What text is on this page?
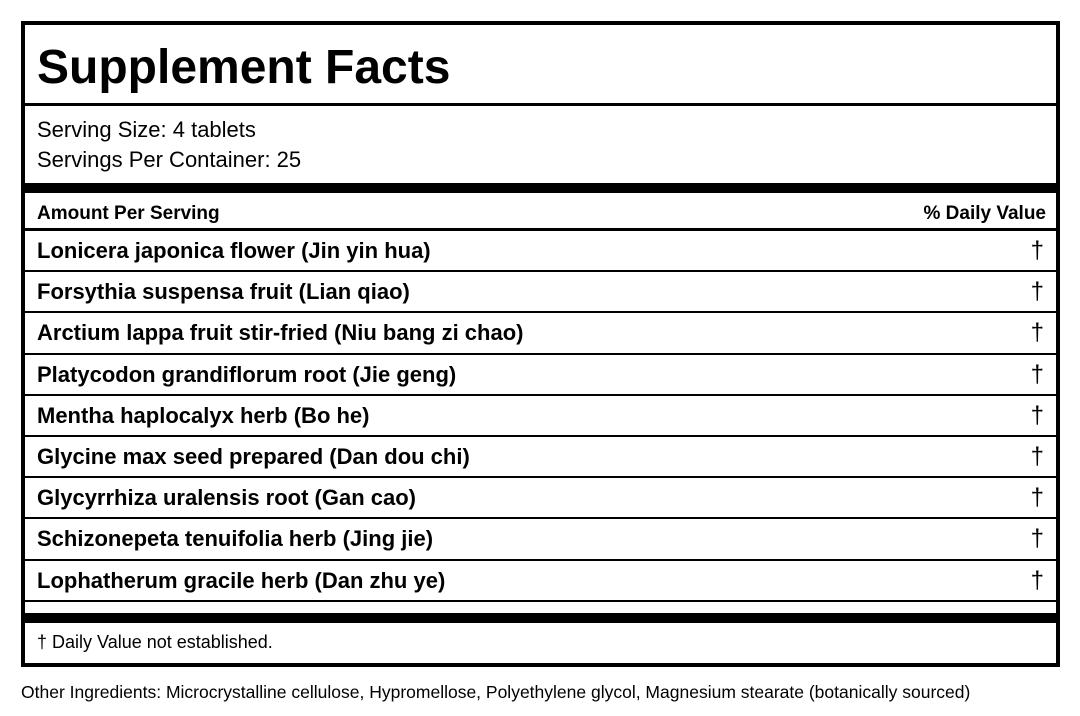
Supplement Facts
Serving Size: 4 tablets
Servings Per Container: 25
Amount Per Serving	% Daily Value
Lonicera japonica flower (Jin yin hua)	†
Forsythia suspensa fruit (Lian qiao)	†
Arctium lappa fruit stir-fried (Niu bang zi chao)	†
Platycodon grandiflorum root (Jie geng)	†
Mentha haplocalyx herb (Bo he)	†
Glycine max seed prepared (Dan dou chi)	†
Glycyrrhiza uralensis root (Gan cao)	†
Schizonepeta tenuifolia herb (Jing jie)	†
Lophatherum gracile herb (Dan zhu ye)	†
† Daily Value not established.
Other Ingredients: Microcrystalline cellulose, Hypromellose, Polyethylene glycol, Magnesium stearate (botanically sourced)
